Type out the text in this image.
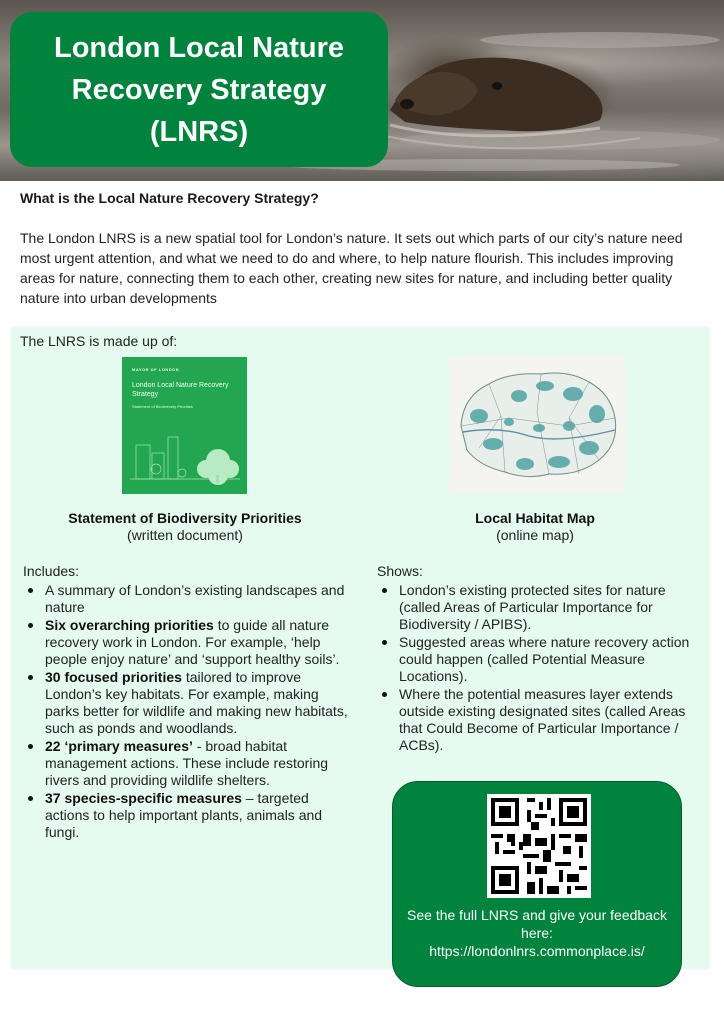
London Local Nature Recovery Strategy (LNRS)
What is the Local Nature Recovery Strategy?

The London LNRS is a new spatial tool for London’s nature. It sets out which parts of our city’s nature need most urgent attention, and what we need to do and where, to help nature flourish. This includes improving areas for nature, connecting them to each other, creating new sites for nature, and including better quality nature into urban developments

The LNRS is made up of:
MAYOR OF LONDON
London Local Nature Recovery Strategy
Statement of Biodiversity Priorities
Statement of Biodiversity Priorities
(written document)
Local Habitat Map
(online map)
Includes:
A summary of London’s existing landscapes and nature
Six overarching priorities to guide all nature recovery work in London. For example, ‘help people enjoy nature’ and ‘support healthy soils’.
30 focused priorities tailored to improve London’s key habitats. For example, making parks better for wildlife and making new habitats, such as ponds and woodlands.
22 ‘primary measures’ - broad habitat management actions. These include restoring rivers and providing wildlife shelters.
37 species-specific measures – targeted actions to help important plants, animals and fungi.
Shows:
London’s existing protected sites for nature (called Areas of Particular Importance for Biodiversity / APIBS).
Suggested areas where nature recovery action could happen (called Potential Measure Locations).
Where the potential measures layer extends outside existing designated sites (called Areas that Could Become of Particular Importance / ACBs).
See the full LNRS and give your feedback here:
https://londonlnrs.commonplace.is/
